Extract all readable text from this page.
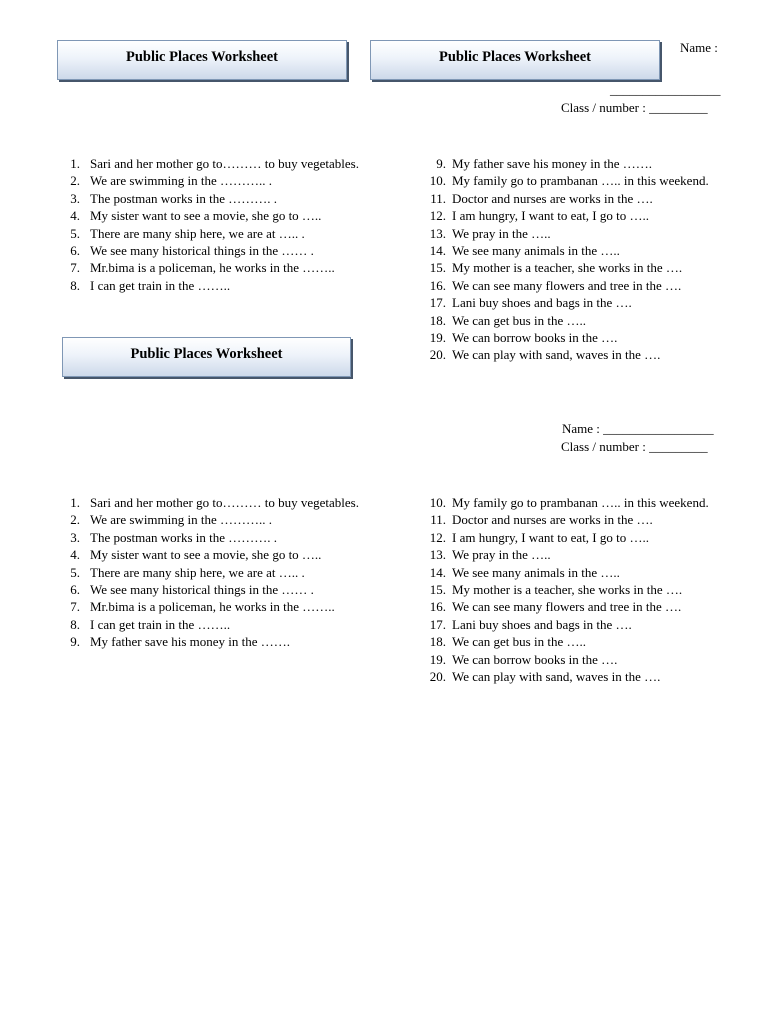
Public Places Worksheet	Public Places Worksheet
Public Places Worksheet
Name :
_________________
Class / number : _________
Name : _________________
Class / number : _________
1. Sari and her mother go to……… to buy vegetables.
2. We are swimming in the ……….. .
3. The postman works in the ………. .
4. My sister want to see a movie, she go to …..
5. There are many ship here, we are at ….. .
6. We see many historical things in the …… .
7. Mr.bima is a policeman, he works in the ……..
8. I can get train in the ……..
9. My father save his money in the …….
10. My family go to prambanan ….. in this weekend.
11. Doctor and nurses are works in the ….
12. I am hungry, I want to eat, I go to …..
13. We pray in the …..
14. We see many animals in the …..
15. My mother is a teacher, she works in the ….
16. We can see many flowers and tree in the ….
17. Lani buy shoes and bags in the ….
18. We can get bus in the …..
19. We can borrow books in the ….
20. We can play with sand, waves in the ….
1. Sari and her mother go to……… to buy vegetables.
2. We are swimming in the ……….. .
3. The postman works in the ………. .
4. My sister want to see a movie, she go to …..
5. There are many ship here, we are at ….. .
6. We see many historical things in the …… .
7. Mr.bima is a policeman, he works in the ……..
8. I can get train in the ……..
9. My father save his money in the …….
10. My family go to prambanan ….. in this weekend.
11. Doctor and nurses are works in the ….
12. I am hungry, I want to eat, I go to …..
13. We pray in the …..
14. We see many animals in the …..
15. My mother is a teacher, she works in the ….
16. We can see many flowers and tree in the ….
17. Lani buy shoes and bags in the ….
18. We can get bus in the …..
19. We can borrow books in the ….
20. We can play with sand, waves in the ….
